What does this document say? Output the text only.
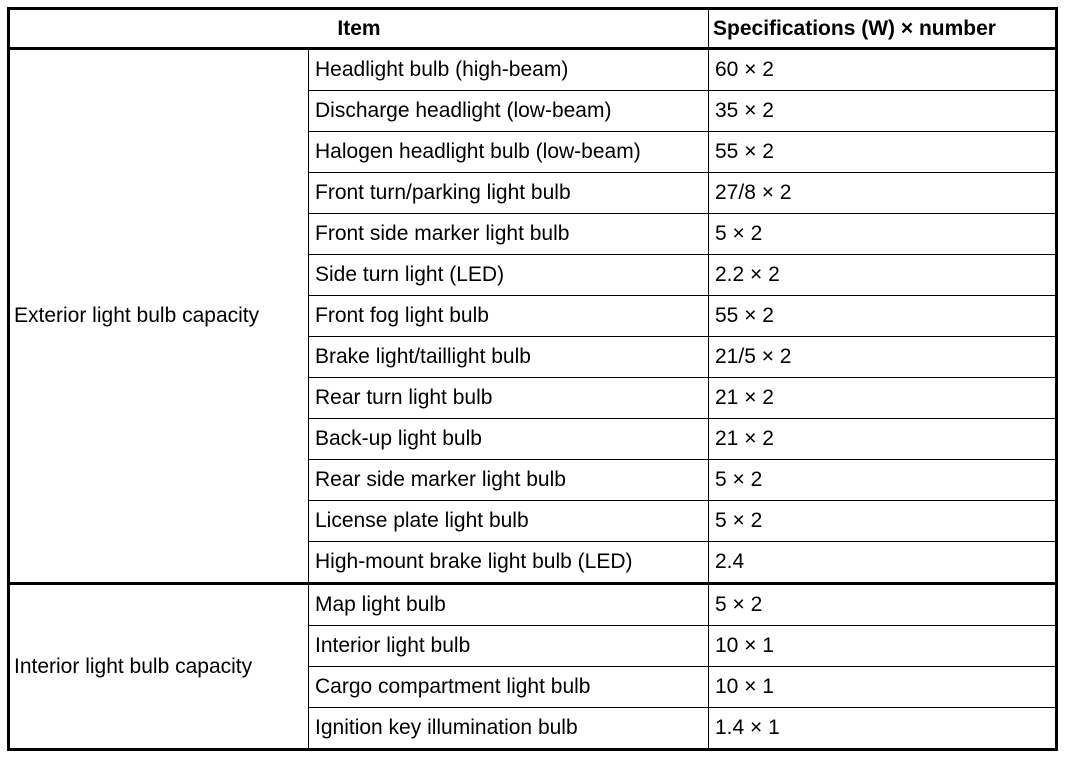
Item		Specifications (W) × number
Exterior light bulb capacity	Headlight bulb (high-beam)	60 × 2
	Discharge headlight (low-beam)	35 × 2
	Halogen headlight bulb (low-beam)	55 × 2
	Front turn/parking light bulb	27/8 × 2
	Front side marker light bulb	5 × 2
	Side turn light (LED)	2.2 × 2
	Front fog light bulb	55 × 2
	Brake light/taillight bulb	21/5 × 2
	Rear turn light bulb	21 × 2
	Back-up light bulb	21 × 2
	Rear side marker light bulb	5 × 2
	License plate light bulb	5 × 2
	High-mount brake light bulb (LED)	2.4
Interior light bulb capacity	Map light bulb	5 × 2
	Interior light bulb	10 × 1
	Cargo compartment light bulb	10 × 1
	Ignition key illumination bulb	1.4 × 1
